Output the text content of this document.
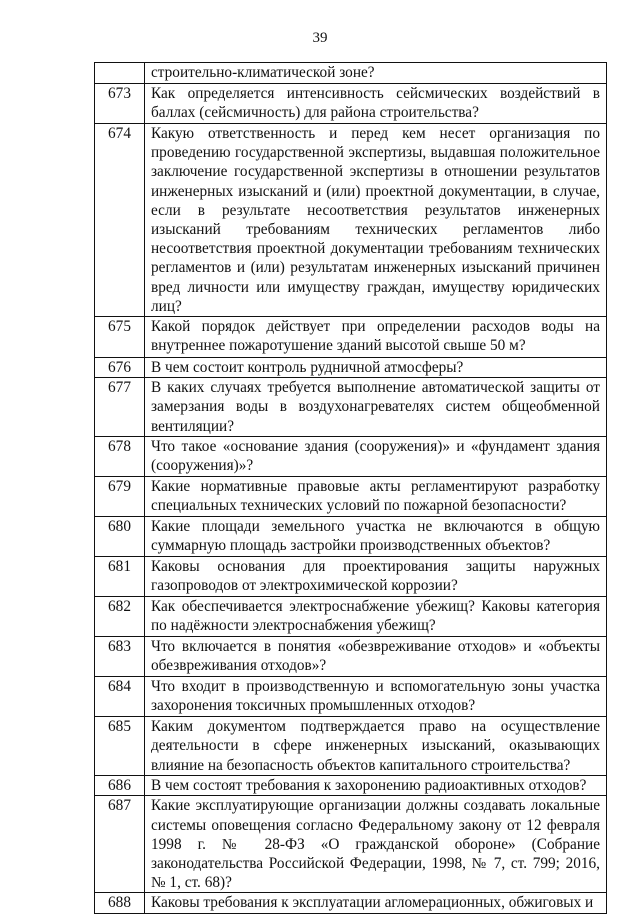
39
	строительно-климатической зоне?
673	Как определяется интенсивность сейсмических воздействий в баллах (сейсмичность) для района строительства?
674	Какую ответственность и перед кем несет организация по проведению государственной экспертизы, выдавшая положительное заключение государственной экспертизы в отношении результатов инженерных изысканий и (или) проектной документации, в случае, если в результате несоответствия результатов инженерных изысканий требованиям технических регламентов либо несоответствия проектной документации требованиям технических регламентов и (или) результатам инженерных изысканий причинен вред личности или имуществу граждан, имуществу юридических лиц?
675	Какой порядок действует при определении расходов воды на внутреннее пожаротушение зданий высотой свыше 50 м?
676	В чем состоит контроль рудничной атмосферы?
677	В каких случаях требуется выполнение автоматической защиты от замерзания воды в воздухонагревателях систем общеобменной вентиляции?
678	Что такое «основание здания (сооружения)» и «фундамент здания (сооружения)»?
679	Какие нормативные правовые акты регламентируют разработку специальных технических условий по пожарной безопасности?
680	Какие площади земельного участка не включаются в общую суммарную площадь застройки производственных объектов?
681	Каковы основания для проектирования защиты наружных газопроводов от электрохимической коррозии?
682	Как обеспечивается электроснабжение убежищ? Каковы категория по надёжности электроснабжения убежищ?
683	Что включается в понятия «обезвреживание отходов» и «объекты обезвреживания отходов»?
684	Что входит в производственную и вспомогательную зоны участка захоронения токсичных промышленных отходов?
685	Каким документом подтверждается право на осуществление деятельности в сфере инженерных изысканий, оказывающих влияние на безопасность объектов капитального строительства?
686	В чем состоят требования к захоронению радиоактивных отходов?
687	Какие эксплуатирующие организации должны создавать локальные системы оповещения согласно Федеральному закону от 12 февраля 1998 г. № 28-ФЗ «О гражданской обороне» (Собрание законодательства Российской Федерации, 1998, № 7, ст. 799; 2016, № 1, ст. 68)?
688	Каковы требования к эксплуатации агломерационных, обжиговых и
